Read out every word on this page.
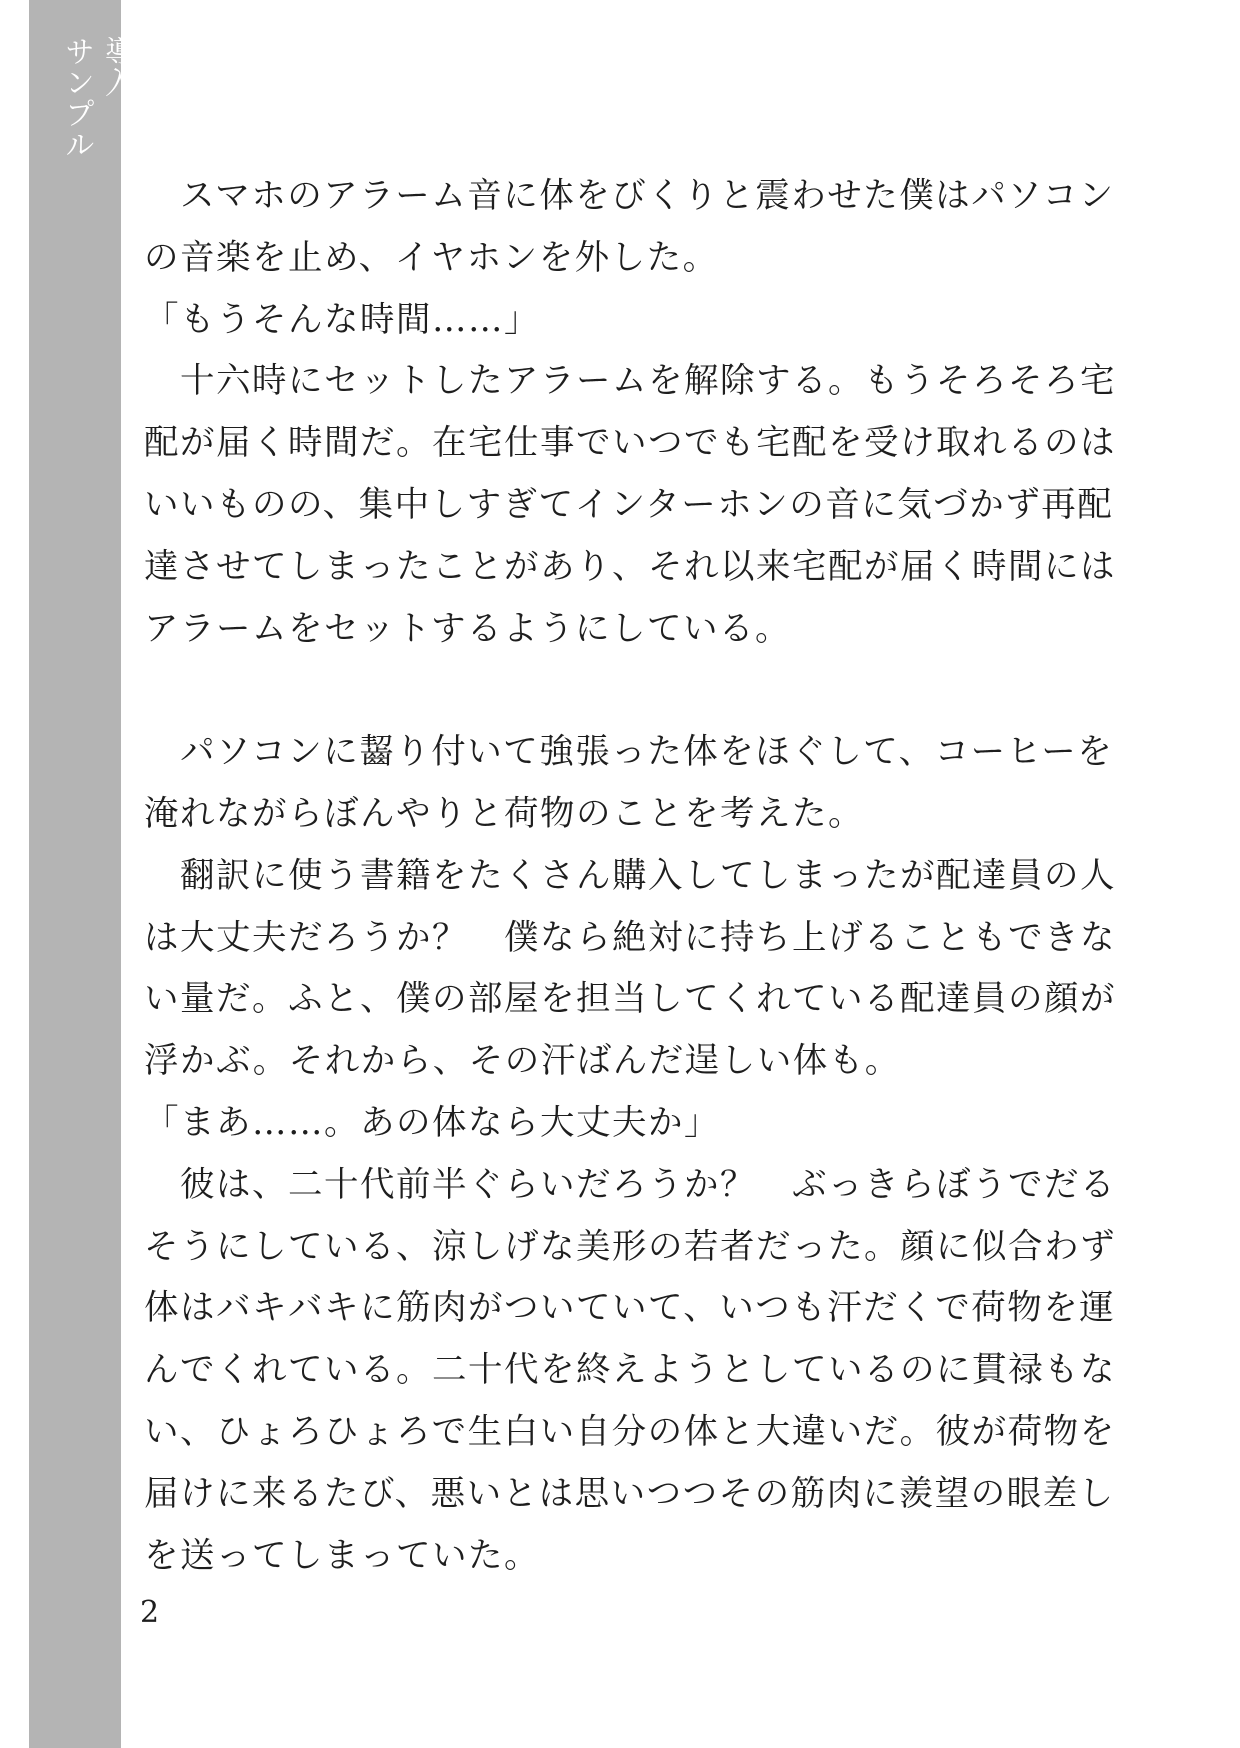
導入
サンプル

　スマホのアラーム音に体をびくりと震わせた僕はパソコン

の音楽を止め、イヤホンを外した。

「もうそんな時間……」

　十六時にセットしたアラームを解除する。もうそろそろ宅

配が届く時間だ。在宅仕事でいつでも宅配を受け取れるのは

いいものの、集中しすぎてインターホンの音に気づかず再配

達させてしまったことがあり、それ以来宅配が届く時間には

アラームをセットするようにしている。

　パソコンに齧り付いて強張った体をほぐして、コーヒーを

淹れながらぼんやりと荷物のことを考えた。

　翻訳に使う書籍をたくさん購入してしまったが配達員の人

は大丈夫だろうか？　僕なら絶対に持ち上げることもできな

い量だ。ふと、僕の部屋を担当してくれている配達員の顔が

浮かぶ。それから、その汗ばんだ逞しい体も。

「まあ……。あの体なら大丈夫か」

　彼は、二十代前半ぐらいだろうか？　ぶっきらぼうでだる

そうにしている、涼しげな美形の若者だった。顔に似合わず

体はバキバキに筋肉がついていて、いつも汗だくで荷物を運

んでくれている。二十代を終えようとしているのに貫禄もな

い、ひょろひょろで生白い自分の体と大違いだ。彼が荷物を

届けに来るたび、悪いとは思いつつその筋肉に羨望の眼差し

を送ってしまっていた。

2
